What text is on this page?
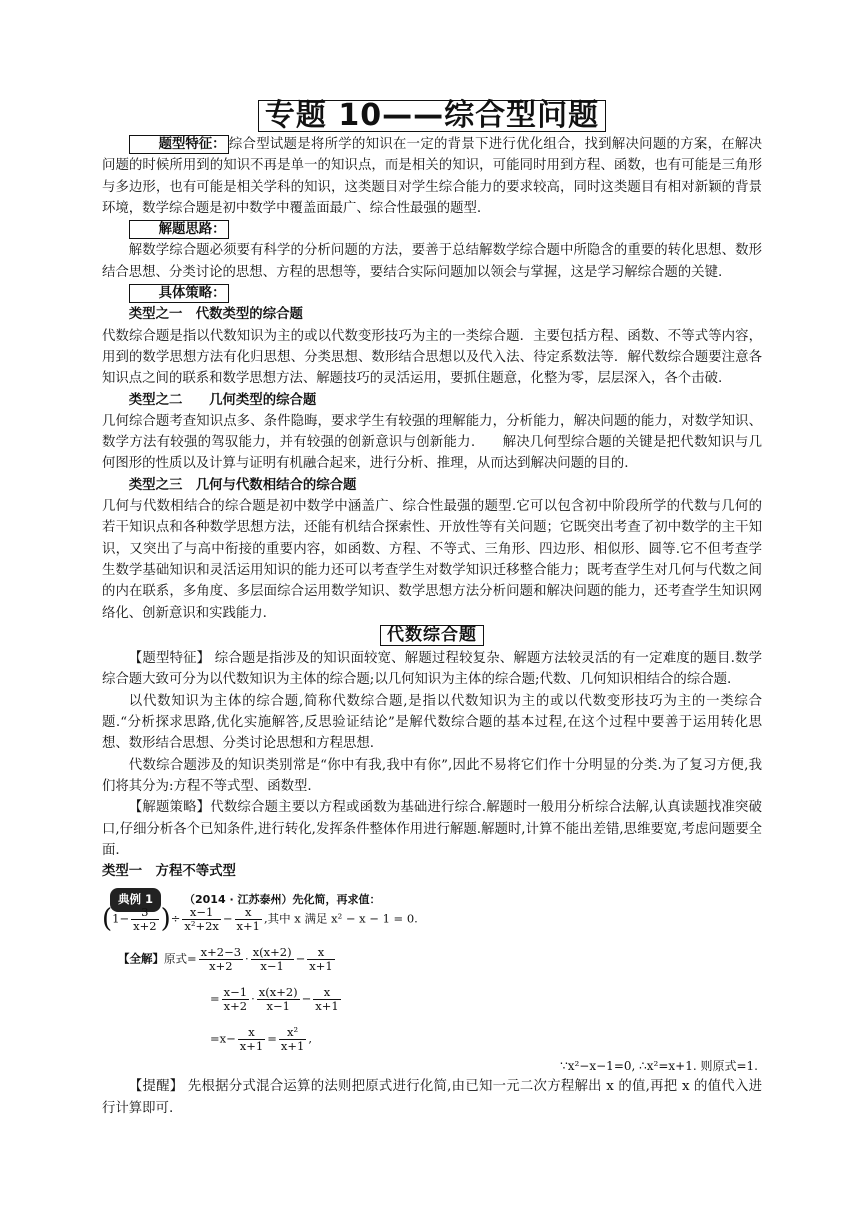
专题 10——综合型问题

题型特征： 综合型试题是将所学的知识在一定的背景下进行优化组合，找到解决问题的方案，在解决问题的时候所用到的知识不再是单一的知识点，而是相关的知识，可能同时用到方程、函数，也有可能是三角形与多边形，也有可能是相关学科的知识，这类题目对学生综合能力的要求较高，同时这类题目有相对新颖的背景环境，数学综合题是初中数学中覆盖面最广、综合性最强的题型.

解题思路：

解数学综合题必须要有科学的分析问题的方法，要善于总结解数学综合题中所隐含的重要的转化思想、数形结合思想、分类讨论的思想、方程的思想等，要结合实际问题加以领会与掌握，这是学习解综合题的关键.

具体策略：

类型之一　代数类型的综合题

代数综合题是指以代数知识为主的或以代数变形技巧为主的一类综合题．主要包括方程、函数、不等式等内容，用到的数学思想方法有化归思想、分类思想、数形结合思想以及代入法、待定系数法等．解代数综合题要注意各知识点之间的联系和数学思想方法、解题技巧的灵活运用，要抓住题意，化整为零，层层深入，各个击破.

类型之二　　几何类型的综合题

几何综合题考查知识点多、条件隐晦，要求学生有较强的理解能力，分析能力，解决问题的能力，对数学知识、数学方法有较强的驾驭能力，并有较强的创新意识与创新能力.　　解决几何型综合题的关键是把代数知识与几何图形的性质以及计算与证明有机融合起来，进行分析、推理，从而达到解决问题的目的.

类型之三　几何与代数相结合的综合题

几何与代数相结合的综合题是初中数学中涵盖广、综合性最强的题型.它可以包含初中阶段所学的代数与几何的若干知识点和各种数学思想方法，还能有机结合探索性、开放性等有关问题；它既突出考查了初中数学的主干知识，又突出了与高中衔接的重要内容，如函数、方程、不等式、三角形、四边形、相似形、圆等.它不但考查学生数学基础知识和灵活运用知识的能力还可以考查学生对数学知识迁移整合能力；既考查学生对几何与代数之间的内在联系，多角度、多层面综合运用数学知识、数学思想方法分析问题和解决问题的能力，还考查学生知识网络化、创新意识和实践能力.

代数综合题

【题型特征】 综合题是指涉及的知识面较宽、解题过程较复杂、解题方法较灵活的有一定难度的题目.数学综合题大致可分为以代数知识为主体的综合题;以几何知识为主体的综合题;代数、几何知识相结合的综合题.

以代数知识为主体的综合题,简称代数综合题,是指以代数知识为主的或以代数变形技巧为主的一类综合题.“分析探求思路,优化实施解答,反思验证结论”是解代数综合题的基本过程,在这个过程中要善于运用转化思想、数形结合思想、分类讨论思想和方程思想.

代数综合题涉及的知识类别常是“你中有我,我中有你”,因此不易将它们作十分明显的分类.为了复习方便,我们将其分为:方程不等式型、函数型.

【解题策略】代数综合题主要以方程或函数为基础进行综合.解题时一般用分析综合法解,认真读题找准突破口,仔细分析各个已知条件,进行转化,发挥条件整体作用进行解题.解题时,计算不能出差错,思维要宽,考虑问题要全面.

类型一　方程不等式型

典例 1	（2014 · 江苏泰州）先化简，再求值：
($1- \frac{3}{x+2}$ )÷ $\frac{x-1}{\text{x²+2x}} - \frac{x}{x+1}$ ,其中 x 满足 x² − x − 1 = 0.
【全解】原式= $\frac{x+2-3}{x+2} \cdot \frac{x(x+2)}{x-1} - \frac{x}{x+1}$
= $\frac{x-1}{x+2} \cdot \frac{x(x+2)}{x-1} - \frac{x}{x+1}$
$=x- \frac{x}{x+1} = \frac{\text{x²}}{x+1}$ ,
∵x²−x−1=0, ∴x²=x+1. 则原式=1.

【提醒】 先根据分式混合运算的法则把原式进行化简,由已知一元二次方程解出 x 的值,再把 x 的值代入进行计算即可.
